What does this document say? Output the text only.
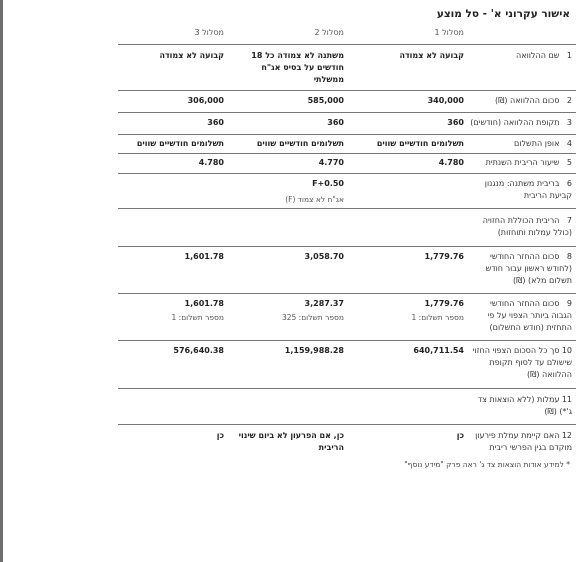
אישור עקרוני א' - סל מוצע
מסלול 1
מסלול 2
מסלול 3
1 שם ההלוואה
קבועה לא צמודה
משתנה לא צמודה כל 18 חודשים על בסיס אג"ח ממשלתי
קבועה לא צמודה
2 סכום ההלוואה (₪)
340,000
585,000
306,000
3 תקופת ההלוואה (חודשים)
360
360
360
4 אופן התשלום
תשלומים חודשיים שווים
תשלומים חודשיים שווים
תשלומים חודשיים שווים
5 שיעור הריבית השנתית
4.780
4.770
4.780
6 בריבית משתנה: מנגנון קביעת הריבית
F+0.50
אג"ח לא צמוד (F)
7 הריבית הכוללת החזויה (כולל עמלות ותוחזות)
8 סכום ההחזר החודשי (לחודש ראשון עבור חודש תשלום מלא) (₪)
1,779.76
3,058.70
1,601.78
9 סכום ההחזר החודשי הגבוה ביותר הצפוי על פי התחזית (חודש התשלום)
1,779.76
מספר תשלום: 1
3,287.37
מספר תשלום: 325
1,601.78
מספר תשלום: 1
10 סך כל הסכום הצפוי החזוי שישולם עד לסוף תקופת ההלוואה (₪)
640,711.54
1,159,988.28
576,640.38
11 עמלות (ללא הוצאות צד ג'*) (₪)
12 האם קיימת עמלת פירעון מוקדם בגין הפרשי ריבית
כן
כן, אם הפרעון לא ביום שינוי הריבית
כן
* למידע אודות הוצאות צד ג' ראה פרק "מידע נוסף"
